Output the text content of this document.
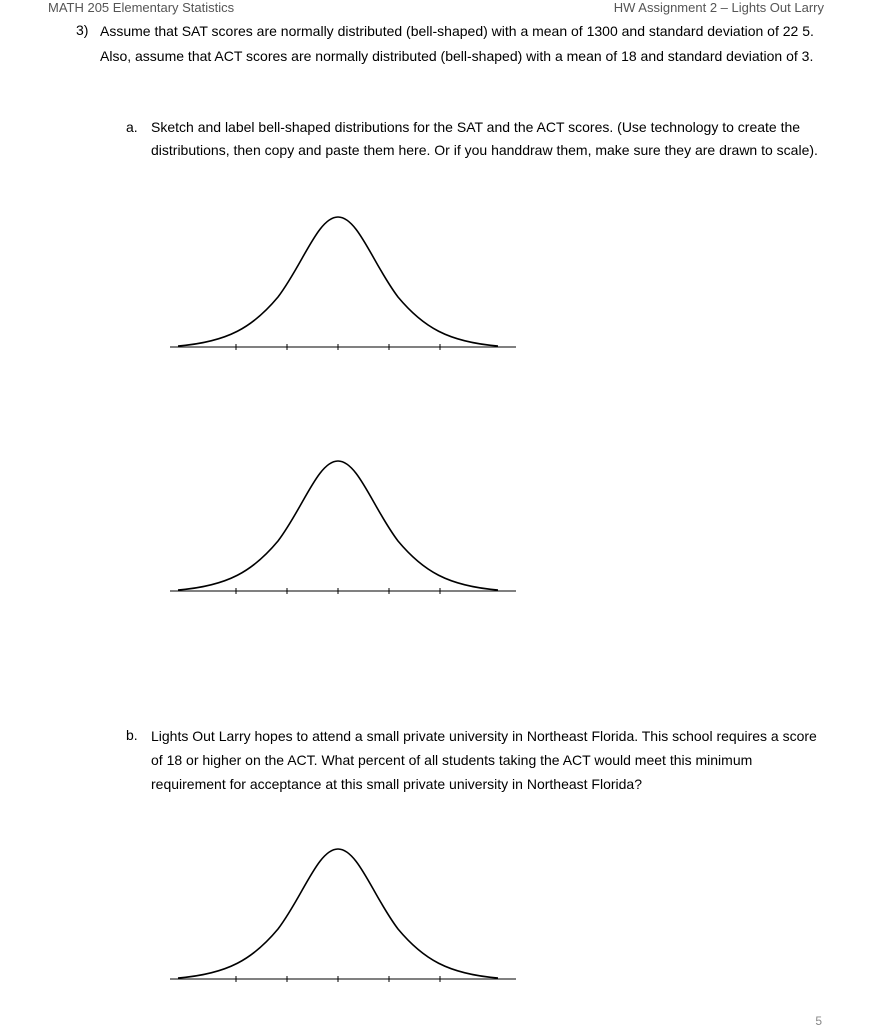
MATH 205 Elementary Statistics	HW Assignment 2 – Lights Out Larry
3) Assume that SAT scores are normally distributed (bell-shaped) with a mean of 1300 and standard deviation of 22 5. Also, assume that ACT scores are normally distributed (bell-shaped) with a mean of 18 and standard deviation of 3.
a. Sketch and label bell-shaped distributions for the SAT and the ACT scores. (Use technology to create the distributions, then copy and paste them here. Or if you handdraw them, make sure they are drawn to scale).
b. Lights Out Larry hopes to attend a small private university in Northeast Florida. This school requires a score of 18 or higher on the ACT. What percent of all students taking the ACT would meet this minimum requirement for acceptance at this small private university in Northeast Florida?
5
